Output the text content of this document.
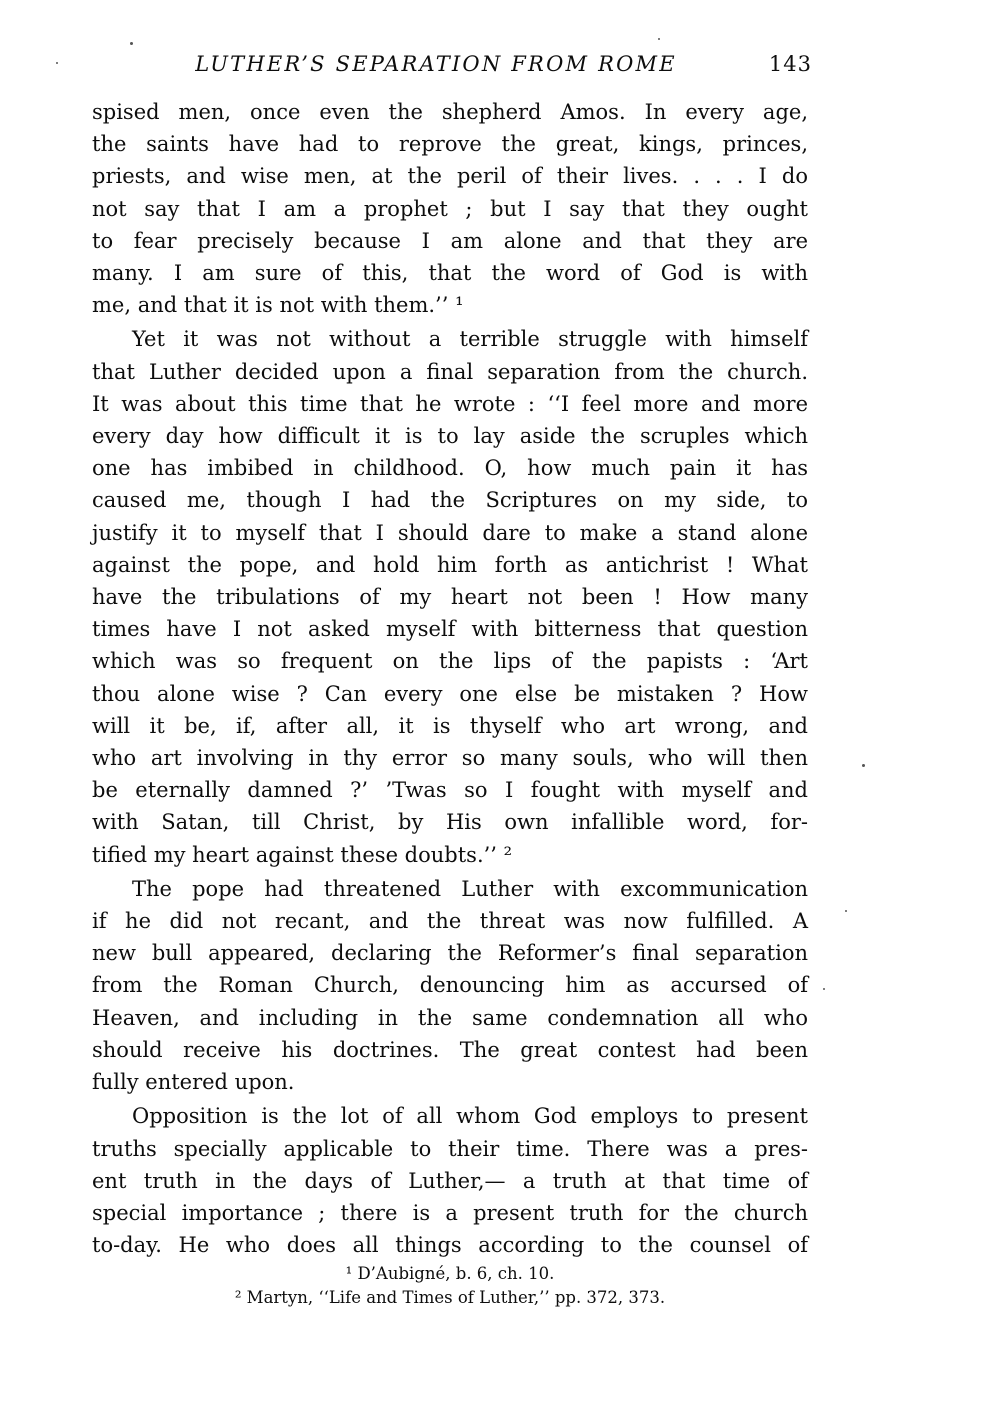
LUTHER’S SEPARATION FROM ROME	143
spised men, once even the shepherd Amos. In every age,
the saints have had to reprove the great, kings, princes,
priests, and wise men, at the peril of their lives. . . . I do
not say that I am a prophet ; but I say that they ought
to fear precisely because I am alone and that they are
many. I am sure of this, that the word of God is with
me, and that it is not with them.’’ ¹
Yet it was not without a terrible struggle with himself
that Luther decided upon a final separation from the church.
It was about this time that he wrote : ‘‘I feel more and more
every day how difficult it is to lay aside the scruples which
one has imbibed in childhood. O, how much pain it has
caused me, though I had the Scriptures on my side, to
justify it to myself that I should dare to make a stand alone
against the pope, and hold him forth as antichrist ! What
have the tribulations of my heart not been ! How many
times have I not asked myself with bitterness that question
which was so frequent on the lips of the papists : ‘Art
thou alone wise ? Can every one else be mistaken ? How
will it be, if, after all, it is thyself who art wrong, and
who art involving in thy error so many souls, who will then
be eternally damned ?’ ’Twas so I fought with myself and
with Satan, till Christ, by His own infallible word, for-
tified my heart against these doubts.’’ ²
The pope had threatened Luther with excommunication
if he did not recant, and the threat was now fulfilled. A
new bull appeared, declaring the Reformer’s final separation
from the Roman Church, denouncing him as accursed of
Heaven, and including in the same condemnation all who
should receive his doctrines. The great contest had been
fully entered upon.
Opposition is the lot of all whom God employs to present
truths specially applicable to their time. There was a pres-
ent truth in the days of Luther,— a truth at that time of
special importance ; there is a present truth for the church
to-day. He who does all things according to the counsel of
¹ D’Aubigné, b. 6, ch. 10.
² Martyn, ‘‘Life and Times of Luther,’’ pp. 372, 373.
